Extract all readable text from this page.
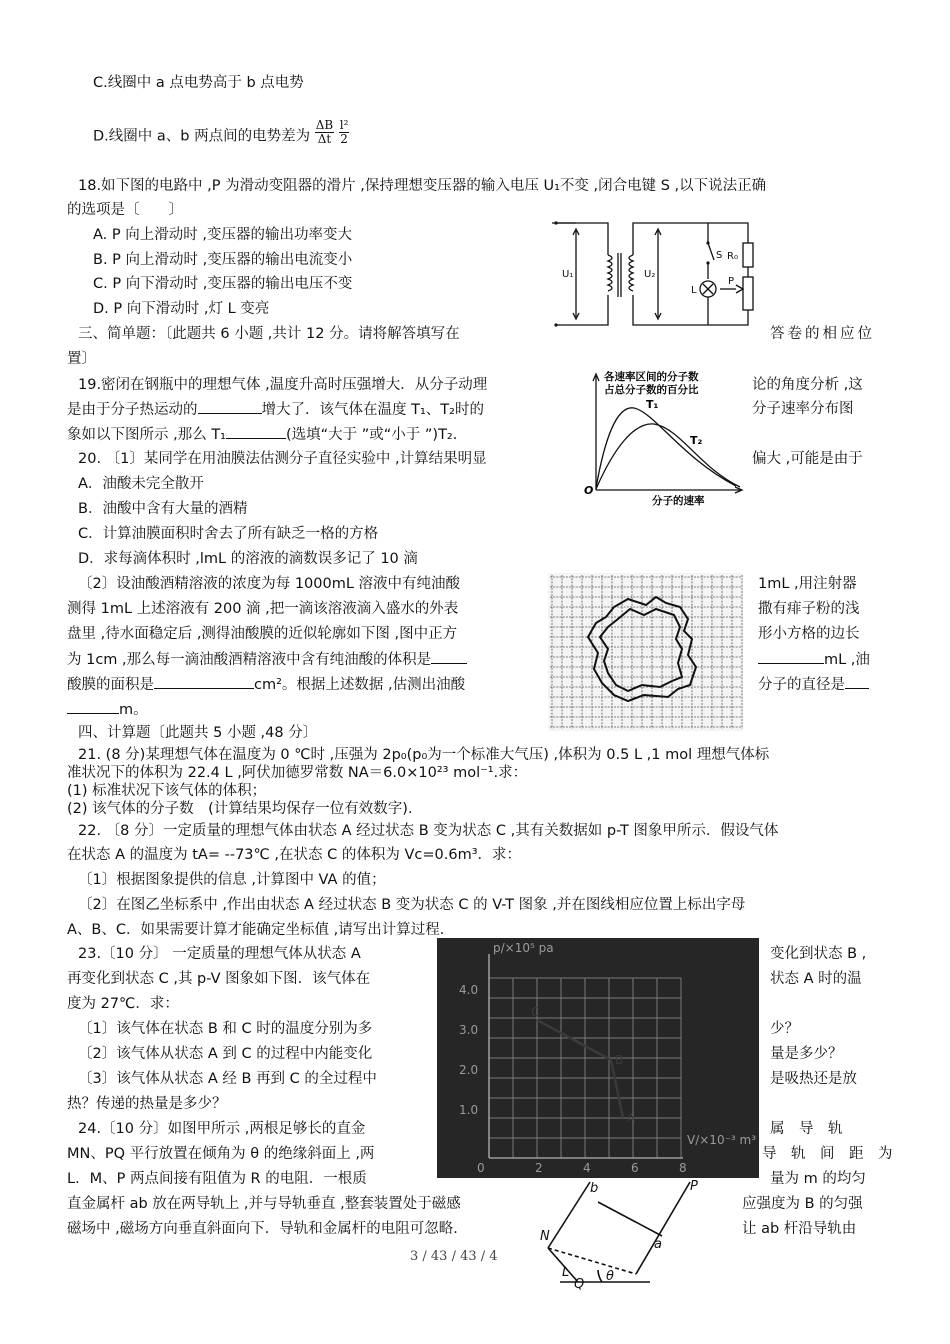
C.线圈中 a 点电势高于 b 点电势
D.线圈中 a、b 两点间的电势差为 $\frac{\Delta B}{\Delta t}$
$\frac{\text{l²}}{2}$
18.如下图的电路中 ,P 为滑动变阻器的滑片 ,保持理想变压器的输入电压 U₁不变 ,闭合电键 S ,以下说法正确
的选项是〔　　〕
A. P 向上滑动时 ,变压器的输出功率变大
B. P 向上滑动时 ,变压器的输出电流变小
C. P 向下滑动时 ,变压器的输出电压不变
D. P 向下滑动时 ,灯 L 变亮
U₁	U₂
S R₀
L
P
三、简单题：〔此题共 6 小题 ,共计 12 分。请将解答填写在	答卷的相应位
置〕
19.密闭在钢瓶中的理想气体 ,温度升高时压强增大．从分子动理	论的角度分析 ,这
是由于分子热运动的	增大了．该气体在温度 T₁、T₂时的	分子速率分布图
象如以下图所示 ,那么 T₁	(选填“大于 ”或“小于 ”)T₂.
各速率区间的分子数
占总分子数的百分比
T₁
T₂
O
分子的速率
20. 〔1〕某同学在用油膜法估测分子直径实验中 ,计算结果明显	偏大 ,可能是由于
A．油酸未完全散开
B．油酸中含有大量的酒精
C．计算油膜面积时舍去了所有缺乏一格的方格
D．求每滴体积时 ,lmL 的溶液的滴数误多记了 10 滴
〔2〕设油酸酒精溶液的浓度为每 1000mL 溶液中有纯油酸	1mL ,用注射器
测得 1mL 上述溶液有 200 滴 ,把一滴该溶液滴入盛水的外表	撒有痱子粉的浅
盘里 ,待水面稳定后 ,测得油酸膜的近似轮廓如下图 ,图中正方	形小方格的边长
为 1cm ,那么每一滴油酸酒精溶液中含有纯油酸的体积是	mL ,油
酸膜的面积是	cm²。根据上述数据 ,估测出油酸	分子的直径是
m。
四、计算题〔此题共 5 小题 ,48 分〕
21. (8 分)某理想气体在温度为 0 ℃时 ,压强为 2p₀(p₀为一个标准大气压) ,体积为 0.5 L ,1 mol 理想气体标
准状况下的体积为 22.4 L ,阿伏加德罗常数 NA＝6.0×10²³ mol⁻¹.求：
(1) 标准状况下该气体的体积；
(2) 该气体的分子数　(计算结果均保存一位有效数字).
22. 〔8 分〕一定质量的理想气体由状态 A 经过状态 B 变为状态 C ,其有关数据如 p-T 图象甲所示．假设气体
在状态 A 的温度为 tA= --73℃ ,在状态 C 的体积为 Vc=0.6m³．求：
〔1〕根据图象提供的信息 ,计算图中 VA 的值；
〔2〕在图乙坐标系中 ,作出由状态 A 经过状态 B 变为状态 C 的 V-T 图象 ,并在图线相应位置上标出字母
A、B、C．如果需要计算才能确定坐标值 ,请写出计算过程．
23.〔10 分〕 一定质量的理想气体从状态 A	变化到状态 B ,
再变化到状态 C ,其 p-V 图象如下图．该气体在	状态 A 时的温
度为 27℃．求：
〔1〕该气体在状态 B 和 C 时的温度分别为多	少？
〔2〕该气体从状态 A 到 C 的过程中内能变化	量是多少？
〔3〕该气体从状态 A 经 B 再到 C 的全过程中	是吸热还是放
热？传递的热量是多少？
p/×10⁵ pa
4.0
3.0
2.0
1.0
0	2	4	6	8
V/×10⁻³ m³
C
B
A
24.〔10 分〕如图甲所示 ,两根足够长的直金	属　导　轨
MN、PQ 平行放置在倾角为 θ 的绝缘斜面上 ,两	导　轨　间　距　为
L．M、P 两点间接有阻值为 R 的电阻．一根质	量为 m 的均匀
直金属杆 ab 放在两导轨上 ,并与导轨垂直 ,整套装置处于磁感	应强度为 B 的匀强
磁场中 ,磁场方向垂直斜面向下．导轨和金属杆的电阻可忽略．	让 ab 杆沿导轨由
b
a
N
L
Q
P
θ
3 / 43 / 43 / 4
